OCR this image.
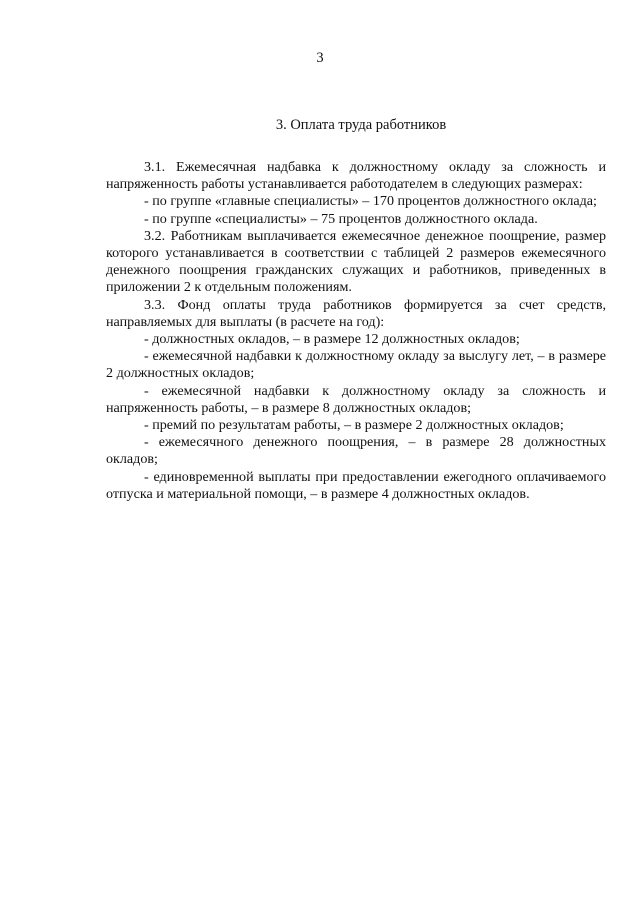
3
3. Оплата труда работников

3.1. Ежемесячная надбавка к должностному окладу за сложность и напряженность работы устанавливается работодателем в следующих размерах:

- по группе «главные специалисты» – 170 процентов должностного оклада;

- по группе «специалисты» – 75 процентов должностного оклада.

3.2. Работникам выплачивается ежемесячное денежное поощрение, размер которого устанавливается в соответствии с таблицей 2 размеров ежемесячного денежного поощрения гражданских служащих и работников, приведенных в приложении 2 к отдельным положениям.

3.3. Фонд оплаты труда работников формируется за счет средств, направляемых для выплаты (в расчете на год):

- должностных окладов, – в размере 12 должностных окладов;

- ежемесячной надбавки к должностному окладу за выслугу лет, – в размере 2 должностных окладов;

- ежемесячной надбавки к должностному окладу за сложность и напряженность работы, – в размере 8 должностных окладов;

- премий по результатам работы, – в размере 2 должностных окладов;

- ежемесячного денежного поощрения, – в размере 28 должностных окладов;

- единовременной выплаты при предоставлении ежегодного оплачиваемого отпуска и материальной помощи, – в размере 4 должностных окладов.
